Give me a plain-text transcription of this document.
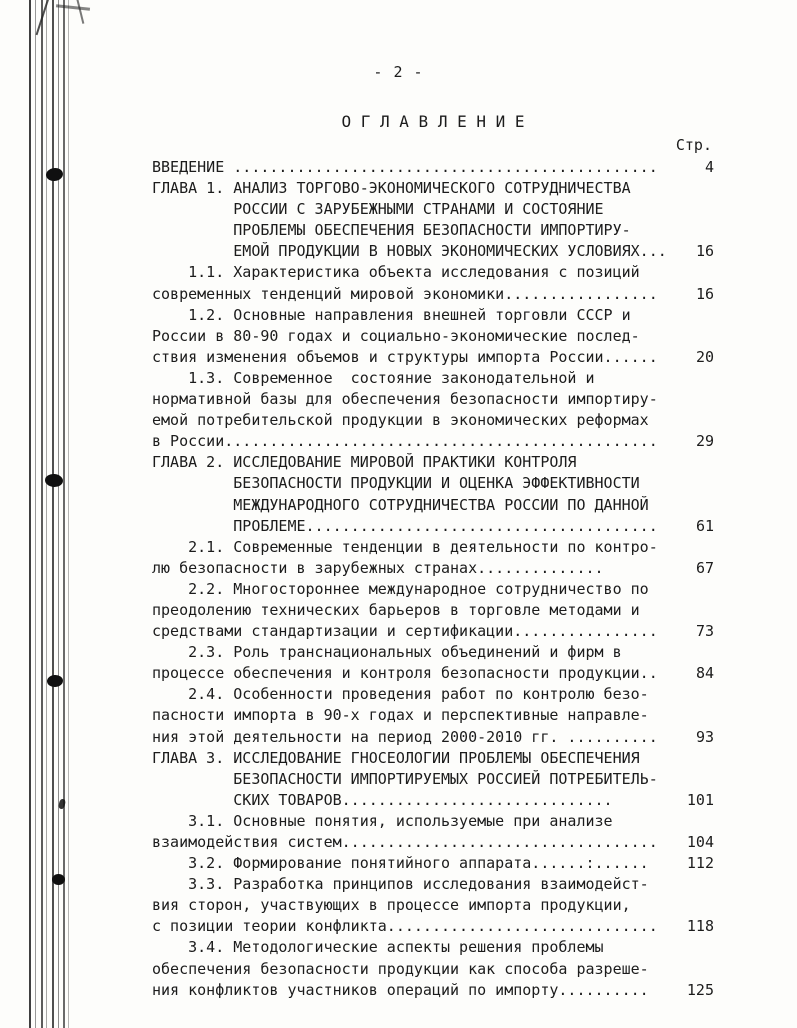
- 2 -
О Г Л А В Л Е Н И Е
Стр.
ВВЕДЕНИЕ ...............................................	4
ГЛАВА 1. АНАЛИЗ ТОРГОВО-ЭКОНОМИЧЕСКОГО СОТРУДНИЧЕСТВА
РОССИИ С ЗАРУБЕЖНЫМИ СТРАНАМИ И СОСТОЯНИЕ
ПРОБЛЕМЫ ОБЕСПЕЧЕНИЯ БЕЗОПАСНОСТИ ИМПОРТИРУ-
ЕМОЙ ПРОДУКЦИИ В НОВЫХ ЭКОНОМИЧЕСКИХ УСЛОВИЯХ...	16
1.1. Характеристика объекта исследования с позиций
современных тенденций мировой экономики.................	16
1.2. Основные направления внешней торговли СССР и
России в 80-90 годах и социально-экономические послед-
ствия изменения объемов и структуры импорта России......	20
1.3. Современное  состояние законодательной и
нормативной базы для обеспечения безопасности импортиру-
емой потребительской продукции в экономических реформах
в России................................................	29
ГЛАВА 2. ИССЛЕДОВАНИЕ МИРОВОЙ ПРАКТИКИ КОНТРОЛЯ
БЕЗОПАСНОСТИ ПРОДУКЦИИ И ОЦЕНКА ЭФФЕКТИВНОСТИ
МЕЖДУНАРОДНОГО СОТРУДНИЧЕСТВА РОССИИ ПО ДАННОЙ
ПРОБЛЕМЕ.......................................	61
2.1. Современные тенденции в деятельности по контро-
лю безопасности в зарубежных странах..............	67
2.2. Многостороннее международное сотрудничество по
преодолению технических барьеров в торговле методами и
средствами стандартизации и сертификации................	73
2.3. Роль транснациональных объединений и фирм в
процессе обеспечения и контроля безопасности продукции..	84
2.4. Особенности проведения работ по контролю безо-
пасности импорта в 90-х годах и перспективные направле-
ния этой деятельности на период 2000-2010 гг. ..........	93
ГЛАВА 3. ИССЛЕДОВАНИЕ ГНОСЕОЛОГИИ ПРОБЛЕМЫ ОБЕСПЕЧЕНИЯ
БЕЗОПАСНОСТИ ИМПОРТИРУЕМЫХ РОССИЕЙ ПОТРЕБИТЕЛЬ-
СКИХ ТОВАРОВ..............................	101
3.1. Основные понятия, используемые при анализе
взаимодействия систем...................................	104
3.2. Формирование понятийного аппарата......:......	112
3.3. Разработка принципов исследования взаимодейст-
вия сторон, участвующих в процессе импорта продукции,
с позиции теории конфликта..............................	118
3.4. Методологические аспекты решения проблемы
обеспечения безопасности продукции как способа разреше-
ния конфликтов участников операций по импорту..........	125
